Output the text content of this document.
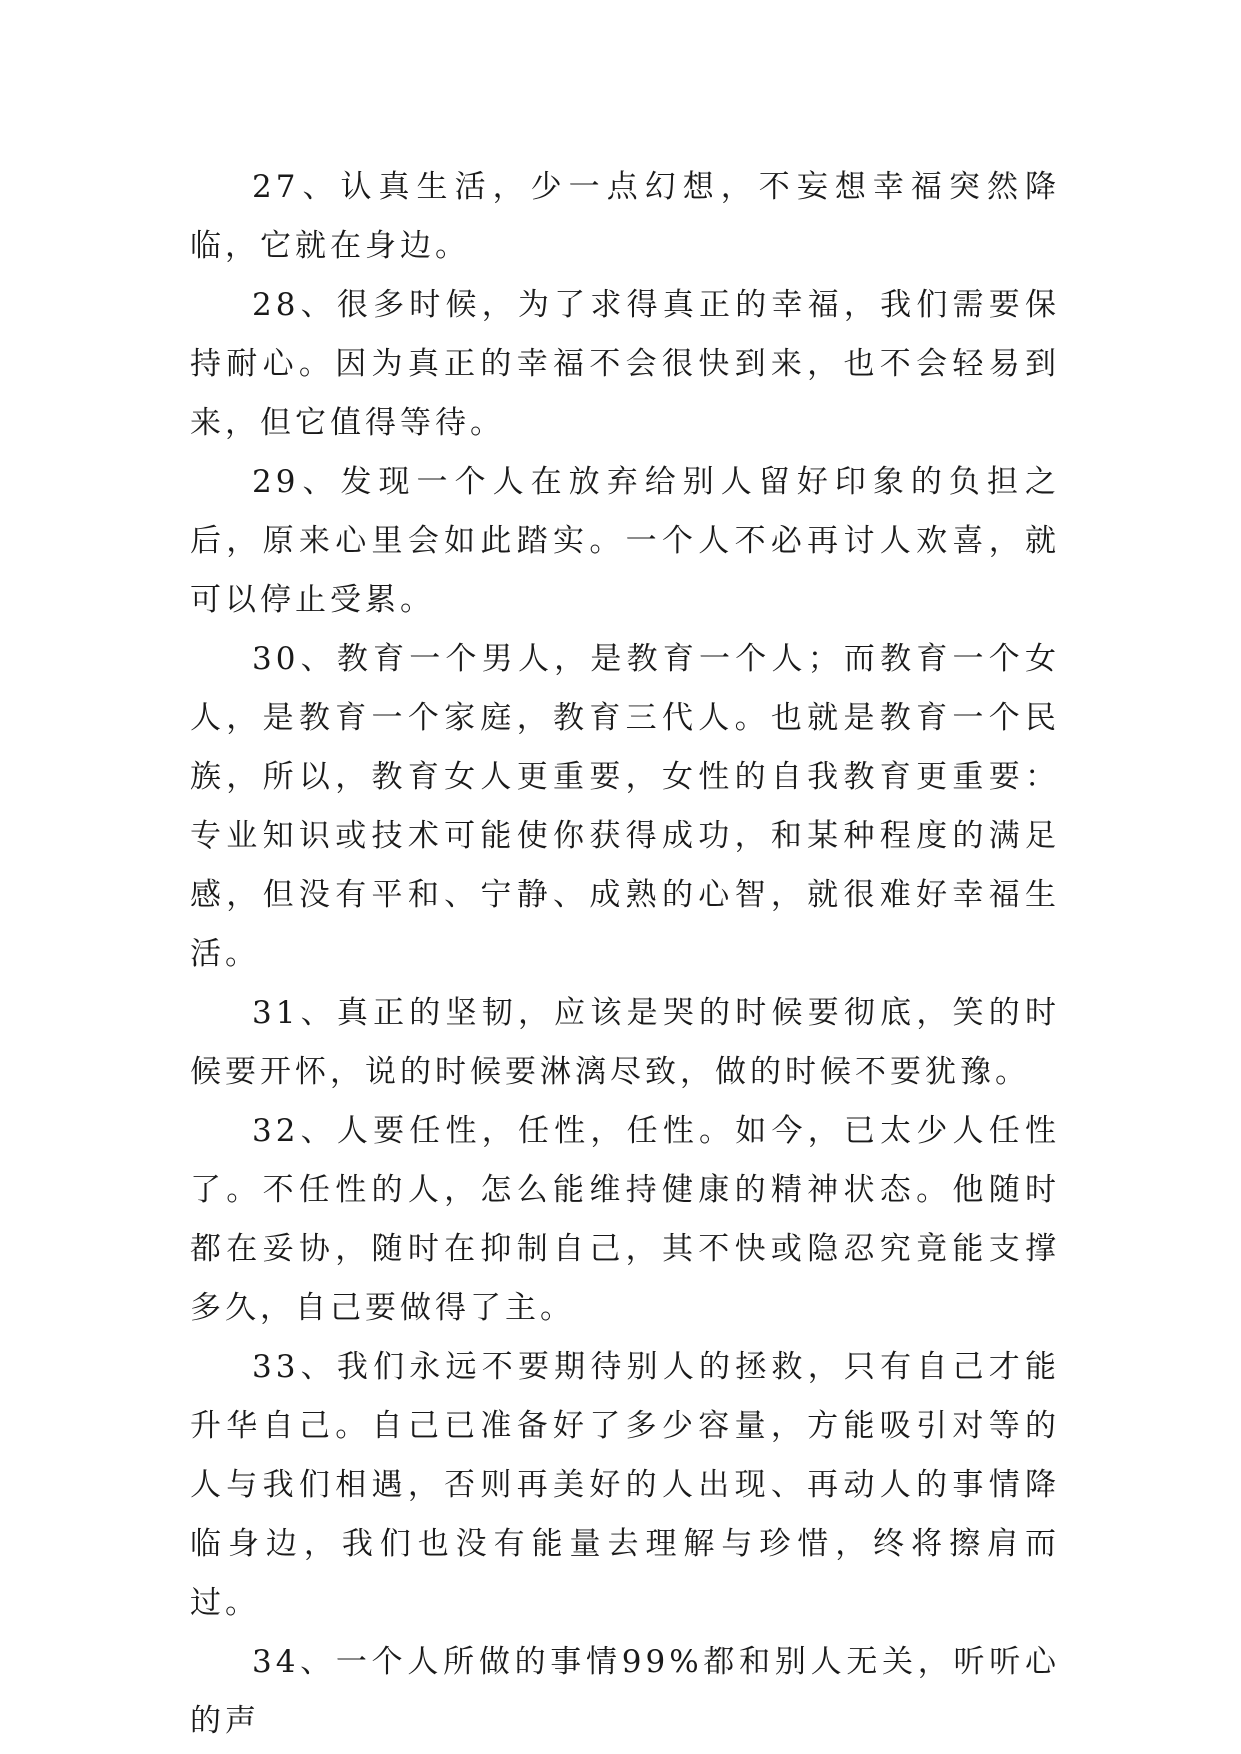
27、认真生活，少一点幻想，不妄想幸福突然降临，它就在身边。

28、很多时候，为了求得真正的幸福，我们需要保持耐心。因为真正的幸福不会很快到来，也不会轻易到来，但它值得等待。

29、发现一个人在放弃给别人留好印象的负担之后，原来心里会如此踏实。一个人不必再讨人欢喜，就可以停止受累。

30、教育一个男人，是教育一个人；而教育一个女人，是教育一个家庭，教育三代人。也就是教育一个民族，所以，教育女人更重要，女性的自我教育更重要：专业知识或技术可能使你获得成功，和某种程度的满足感，但没有平和、宁静、成熟的心智，就很难好幸福生活。

31、真正的坚韧，应该是哭的时候要彻底，笑的时候要开怀，说的时候要淋漓尽致，做的时候不要犹豫。

32、人要任性，任性，任性。如今，已太少人任性了。不任性的人，怎么能维持健康的精神状态。他随时都在妥协，随时在抑制自己，其不快或隐忍究竟能支撑多久，自己要做得了主。

33、我们永远不要期待别人的拯救，只有自己才能升华自己。自己已准备好了多少容量，方能吸引对等的人与我们相遇，否则再美好的人出现、再动人的事情降临身边，我们也没有能量去理解与珍惜，终将擦肩而过。

34、一个人所做的事情99%都和别人无关，听听心的声
